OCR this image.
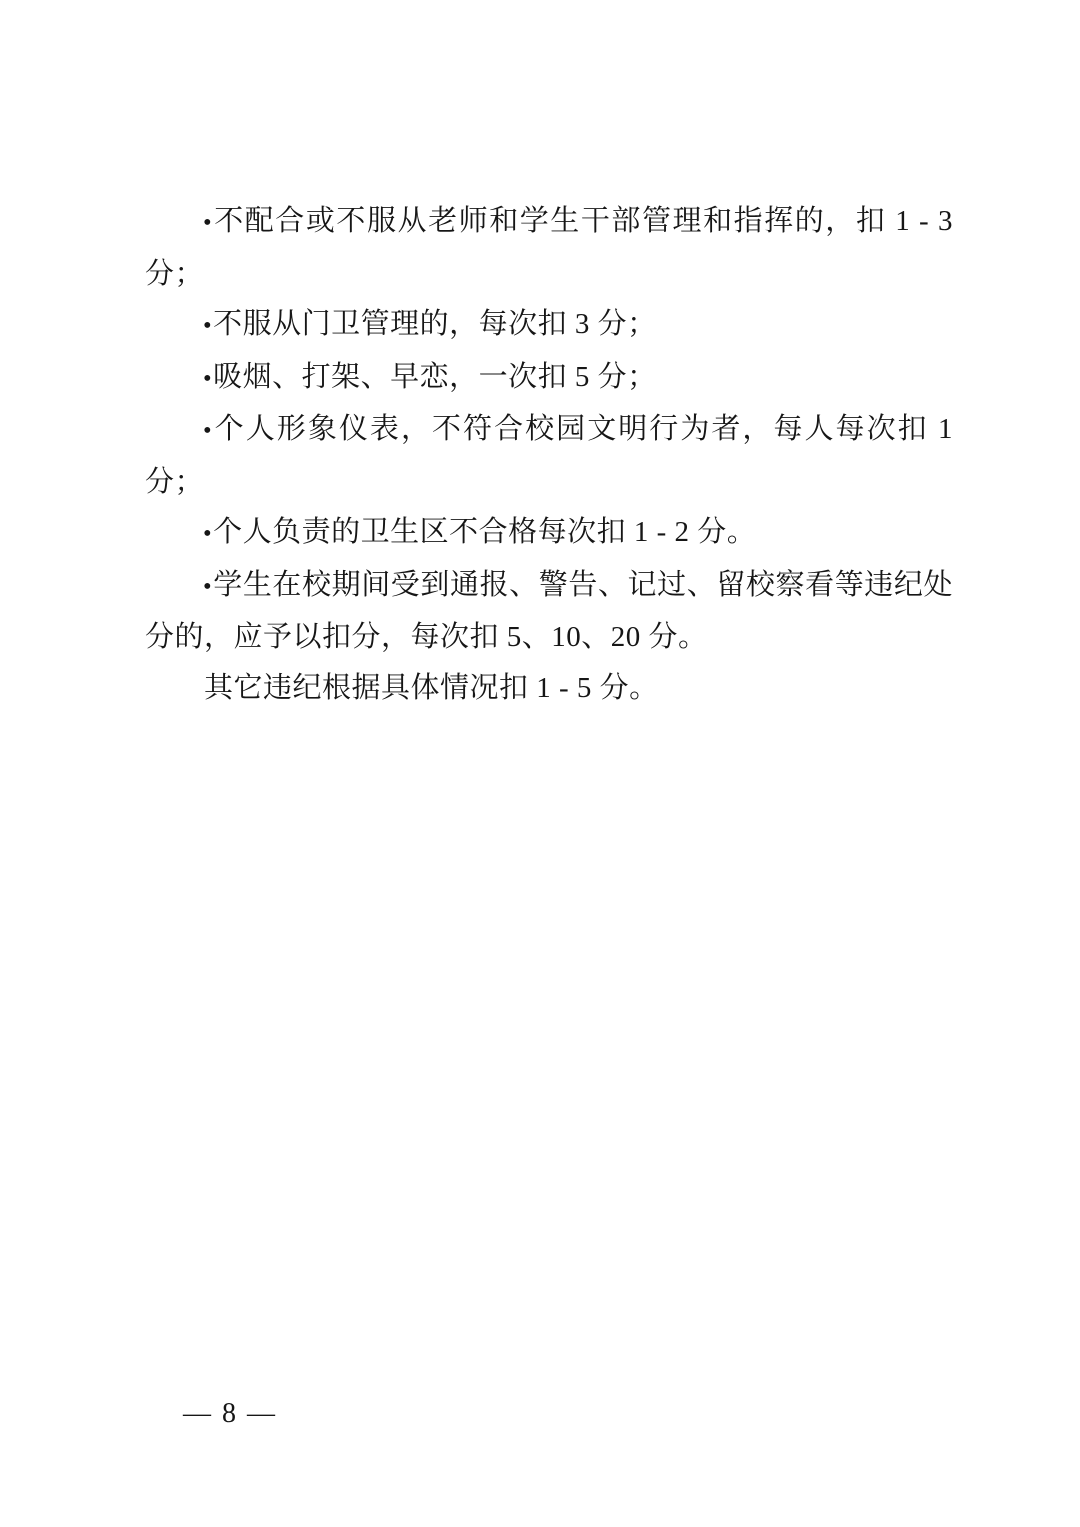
•不配合或不服从老师和学生干部管理和指挥的，扣 1 - 3 分；

•不服从门卫管理的，每次扣 3 分；

•吸烟、打架、早恋，一次扣 5 分；

•个人形象仪表，不符合校园文明行为者，每人每次扣 1 分；

•个人负责的卫生区不合格每次扣 1 - 2 分。

•学生在校期间受到通报、警告、记过、留校察看等违纪处分的，应予以扣分，每次扣 5、10、20 分。

其它违纪根据具体情况扣 1 - 5 分。

— 8 —
